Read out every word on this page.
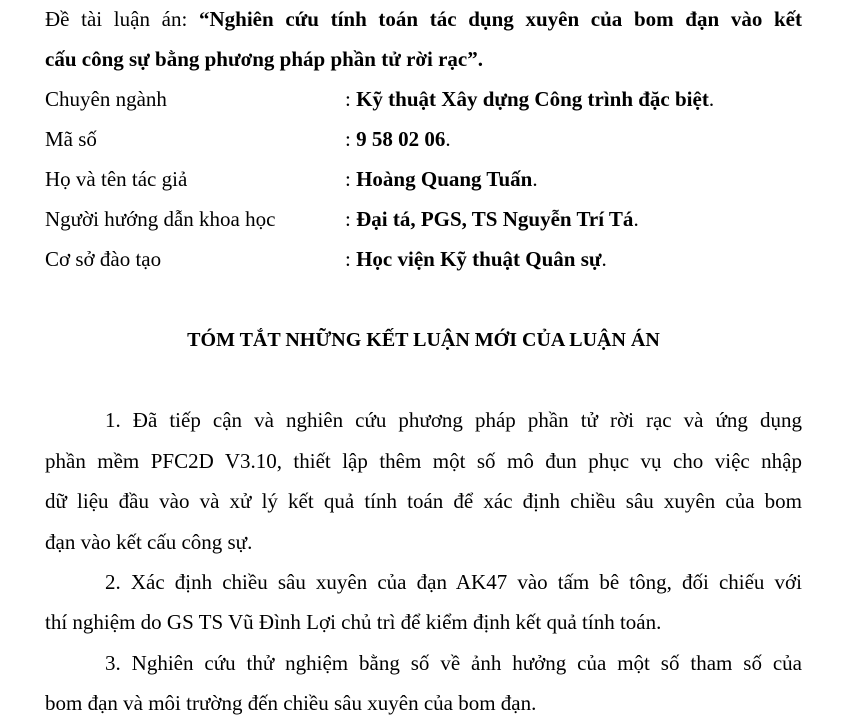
Đề tài luận án: “Nghiên cứu tính toán tác dụng xuyên của bom đạn vào kết
cấu công sự bằng phương pháp phần tử rời rạc”.
Chuyên ngành	: Kỹ thuật Xây dựng Công trình đặc biệt.
Mã số	: 9 58 02 06.
Họ và tên tác giả	: Hoàng Quang Tuấn.
Người hướng dẫn khoa học	: Đại tá, PGS, TS Nguyễn Trí Tá.
Cơ sở đào tạo	: Học viện Kỹ thuật Quân sự.
TÓM TẮT NHỮNG KẾT LUẬN MỚI CỦA LUẬN ÁN
1. Đã tiếp cận và nghiên cứu phương pháp phần tử rời rạc và ứng dụng
phần mềm PFC2D V3.10, thiết lập thêm một số mô đun phục vụ cho việc nhập
dữ liệu đầu vào và xử lý kết quả tính toán để xác định chiều sâu xuyên của bom
đạn vào kết cấu công sự.
2. Xác định chiều sâu xuyên của đạn AK47 vào tấm bê tông, đối chiếu với
thí nghiệm do GS TS Vũ Đình Lợi chủ trì để kiểm định kết quả tính toán.
3. Nghiên cứu thử nghiệm bằng số về ảnh hưởng của một số tham số của
bom đạn và môi trường đến chiều sâu xuyên của bom đạn.
